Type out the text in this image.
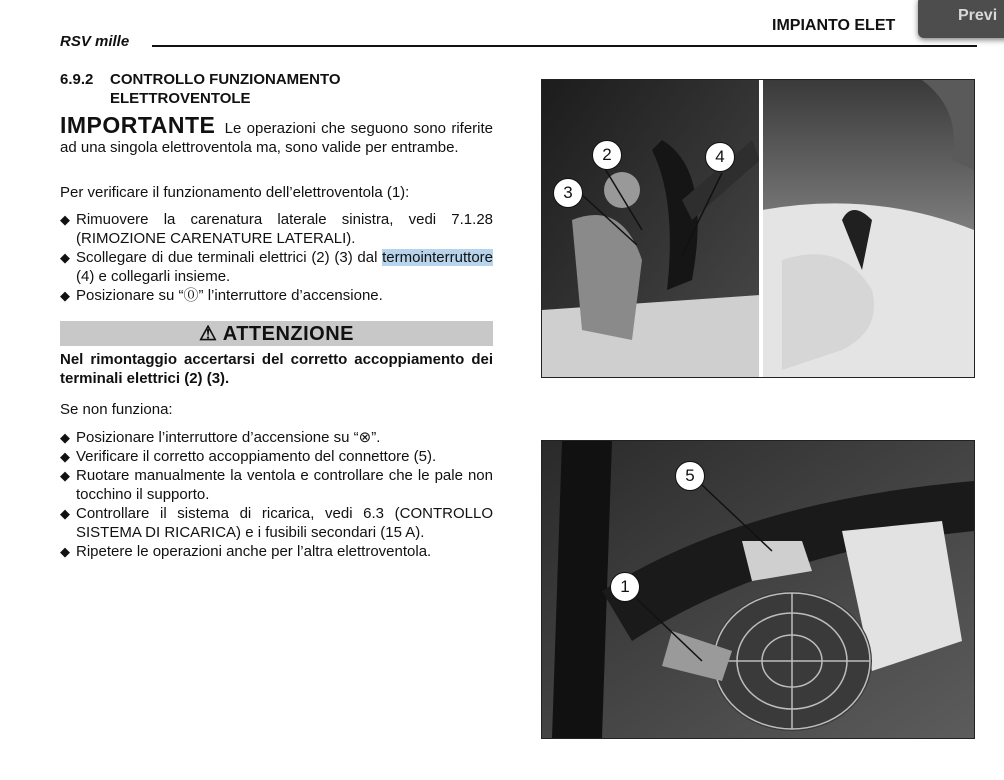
RSV mille
IMPIANTO ELET
Previ
6.9.2 CONTROLLO FUNZIONAMENTO ELETTROVENTOLE
IMPORTANTE Le operazioni che seguono sono riferite ad una singola elettroventola ma, sono valide per entrambe.
Per verificare il funzionamento dell’elettroventola (1):
◆ Rimuovere la carenatura laterale sinistra, vedi 7.1.28 (RIMOZIONE CARENATURE LATERALI).
◆ Scollegare di due terminali elettrici (2) (3) dal termointerruttore (4) e collegarli insieme.
◆ Posizionare su “⓪” l’interruttore d’accensione.
⚠ ATTENZIONE
Nel rimontaggio accertarsi del corretto accoppiamento dei terminali elettrici (2) (3).
Se non funziona:
◆ Posizionare l’interruttore d’accensione su “⊗”.
◆ Verificare il corretto accoppiamento del connettore (5).
◆ Ruotare manualmente la ventola e controllare che le pale non tocchino il supporto.
◆ Controllare il sistema di ricarica, vedi 6.3 (CONTROLLO SISTEMA DI RICARICA) e i fusibili secondari (15 A).
◆ Ripetere le operazioni anche per l’altra elettroventola.
2
3
4
5
1
